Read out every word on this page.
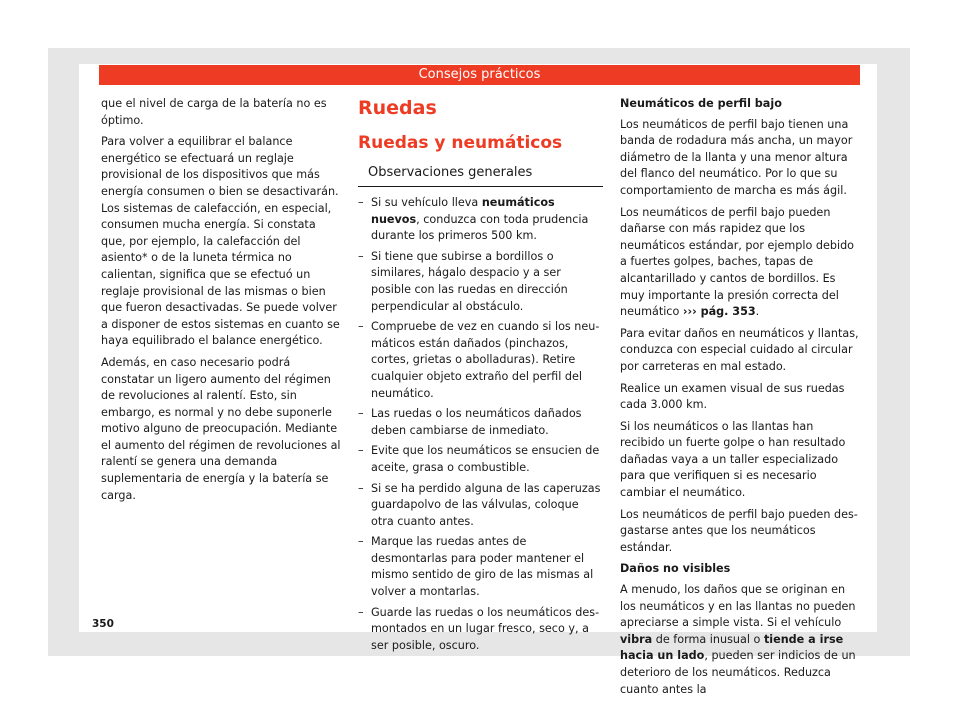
Consejos prácticos

que el nivel de carga de la batería no es óptimo.

Para volver a equilibrar el balance energético se efectuará un reglaje provisional de los dispositivos que más energía consumen o bien se desactivarán. Los sistemas de calefacción, en especial, consumen mucha energía. Si constata que, por ejemplo, la calefacción del asiento* o de la luneta térmica no calientan, significa que se efectuó un reglaje provisional de las mismas o bien que fueron desactivadas. Se puede volver a disponer de estos sistemas en cuanto se haya equilibrado el balance energético.

Además, en caso necesario podrá constatar un ligero aumento del régimen de revoluciones al ralentí. Esto, sin embargo, es normal y no debe suponerle motivo alguno de preocupación. Mediante el aumento del régimen de revoluciones al ralentí se genera una demanda suplementaria de energía y la batería se carga.

Ruedas
Ruedas y neumáticos
Observaciones generales
– Si su vehículo lleva neumáticos nuevos, conduzca con toda prudencia durante los primeros 500 km.
– Si tiene que subirse a bordillos o similares, hágalo despacio y a ser posible con las ruedas en dirección perpendicular al obstáculo.
– Compruebe de vez en cuando si los neumáticos están dañados (pinchazos, cortes, grietas o abolladuras). Retire cualquier objeto extraño del perfil del neumático.
– Las ruedas o los neumáticos dañados deben cambiarse de inmediato.
– Evite que los neumáticos se ensucien de aceite, grasa o combustible.
– Si se ha perdido alguna de las caperuzas guardapolvo de las válvulas, coloque otra cuanto antes.
– Marque las ruedas antes de desmontarlas para poder mantener el mismo sentido de giro de las mismas al volver a montarlas.
– Guarde las ruedas o los neumáticos desmontados en un lugar fresco, seco y, a ser posible, oscuro.

Neumáticos de perfil bajo

Los neumáticos de perfil bajo tienen una banda de rodadura más ancha, un mayor diámetro de la llanta y una menor altura del flanco del neumático. Por lo que su comportamiento de marcha es más ágil.

Los neumáticos de perfil bajo pueden dañarse con más rapidez que los neumáticos estándar, por ejemplo debido a fuertes golpes, baches, tapas de alcantarillado y cantos de bordillos. Es muy importante la presión correcta del neumático ››› pág. 353.

Para evitar daños en neumáticos y llantas, conduzca con especial cuidado al circular por carreteras en mal estado.

Realice un examen visual de sus ruedas cada 3.000 km.

Si los neumáticos o las llantas han recibido un fuerte golpe o han resultado dañadas vaya a un taller especializado para que verifiquen si es necesario cambiar el neumático.

Los neumáticos de perfil bajo pueden desgastarse antes que los neumáticos estándar.

Daños no visibles

A menudo, los daños que se originan en los neumáticos y en las llantas no pueden apreciarse a simple vista. Si el vehículo vibra de forma inusual o tiende a irse hacia un lado, pueden ser indicios de un deterioro de los neumáticos. Reduzca cuanto antes la

350
